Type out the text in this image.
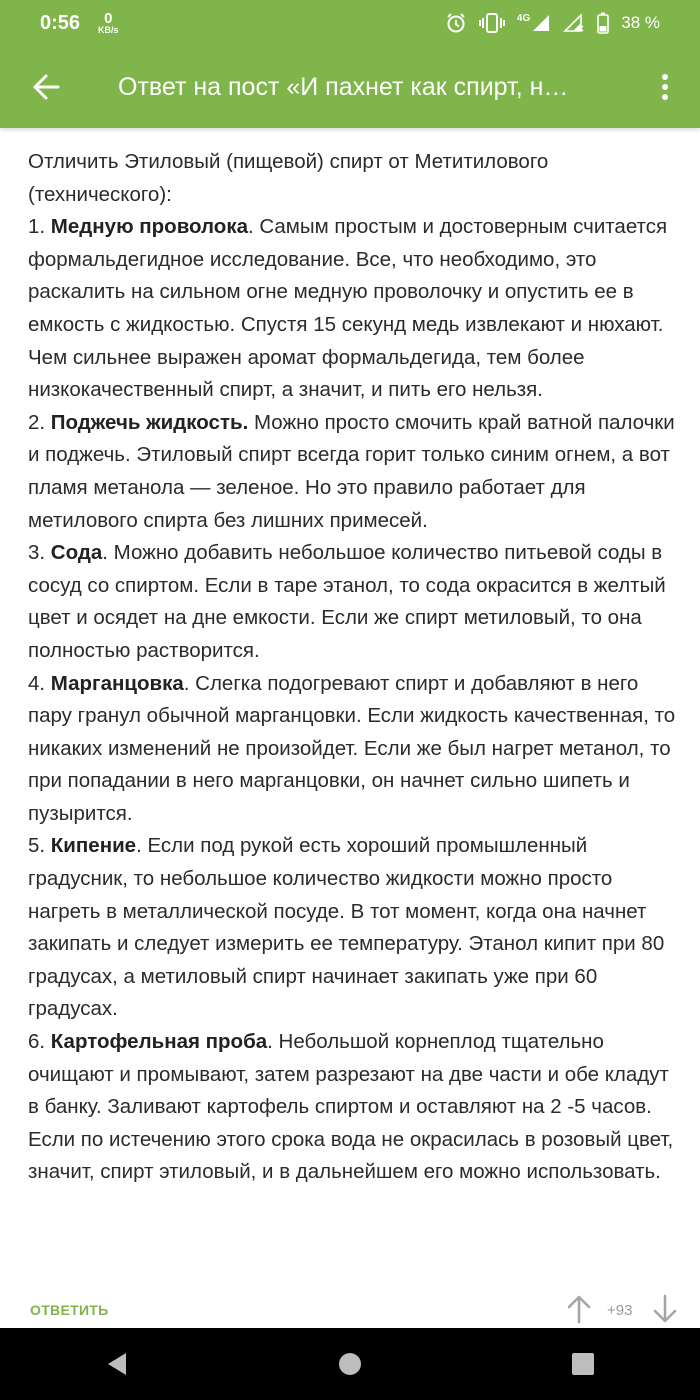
0:56 0
KB/s
4G	38 %
Ответ на пост «И пахнет как спирт, н…

Отличить Этиловый (пищевой) спирт от Метитилового (технического):

1. Медную проволока. Самым простым и достоверным считается формальдегидное исследование. Все, что необходимо, это раскалить на сильном огне медную проволочку и опустить ее в емкость с жидкостью. Спустя 15 секунд медь извлекают и нюхают. Чем сильнее выражен аромат формальдегида, тем более низкокачественный спирт, а значит, и пить его нельзя.

2. Поджечь жидкость. Можно просто смочить край ватной палочки и поджечь. Этиловый спирт всегда горит только синим огнем, а вот пламя метанола — зеленое. Но это правило работает для метилового спирта без лишних примесей.

3. Сода. Можно добавить небольшое количество питьевой соды в сосуд со спиртом. Если в таре этанол, то сода окрасится в желтый цвет и осядет на дне емкости. Если же спирт метиловый, то она полностью растворится.

4. Марганцовка. Слегка подогревают спирт и добавляют в него пару гранул обычной марганцовки. Если жидкость качественная, то никаких изменений не произойдет. Если же был нагрет метанол, то при попадании в него марганцовки, он начнет сильно шипеть и пузырится.

5. Кипение. Если под рукой есть хороший промышленный градусник, то небольшое количество жидкости можно просто нагреть в металлической посуде. В тот момент, когда она начнет закипать и следует измерить ее температуру. Этанол кипит при 80 градусах, а метиловый спирт начинает закипать уже при 60 градусах.

6. Картофельная проба. Небольшой корнеплод тщательно очищают и промывают, затем разрезают на две части и обе кладут в банку. Заливают картофель спиртом и оставляют на 2 -5 часов. Если по истечению этого срока вода не окрасилась в розовый цвет, значит, спирт этиловый, и в дальнейшем его можно использовать.

ОТВЕТИТЬ	+93
